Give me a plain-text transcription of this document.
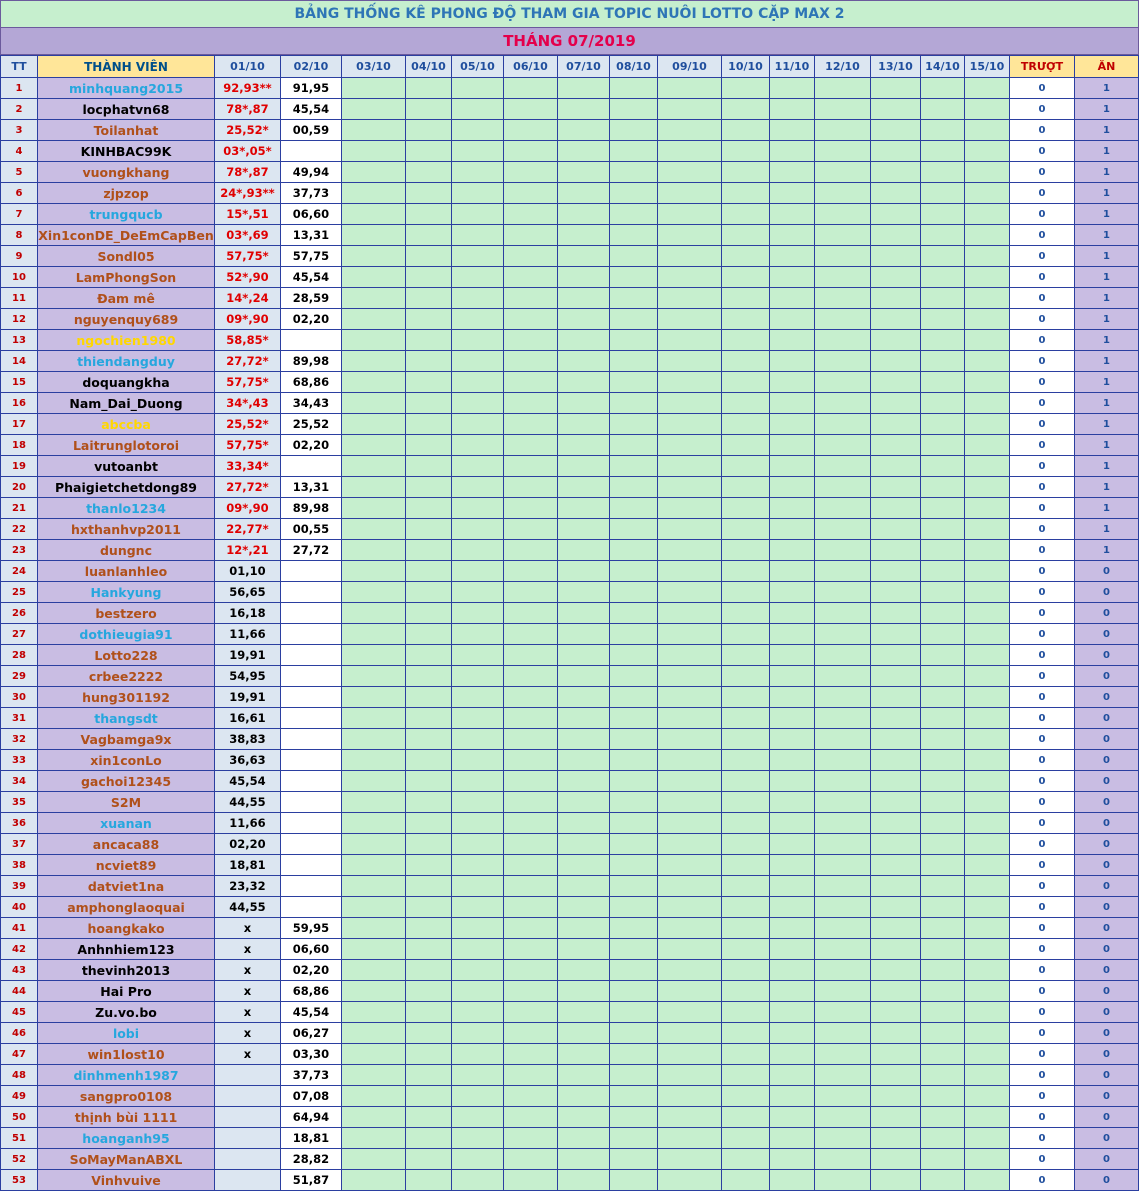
BẢNG THỐNG KÊ PHONG ĐỘ THAM GIA TOPIC NUÔI LOTTO CẶP MAX 2
THÁNG 07/2019
TT	THÀNH VIÊN	01/10	02/10	03/10	04/10	05/10	06/10	07/10	08/10	09/10	10/10	11/10	12/10	13/10	14/10	15/10	TRƯỢT	ĂN
1	minhquang2015	92,93**	91,95														0	1
2	locphatvn68	78*,87	45,54														0	1
3	Toilanhat	25,52*	00,59														0	1
4	KINHBAC99K	03*,05*															0	1
5	vuongkhang	78*,87	49,94														0	1
6	zjpzop	24*,93**	37,73														0	1
7	trungqucb	15*,51	06,60														0	1
8	Xin1conDE_DeEmCapBen	03*,69	13,31														0	1
9	Sondl05	57,75*	57,75														0	1
10	LamPhongSon	52*,90	45,54														0	1
11	Đam mê	14*,24	28,59														0	1
12	nguyenquy689	09*,90	02,20														0	1
13	ngochien1980	58,85*															0	1
14	thiendangduy	27,72*	89,98														0	1
15	doquangkha	57,75*	68,86														0	1
16	Nam_Dai_Duong	34*,43	34,43														0	1
17	abccba	25,52*	25,52														0	1
18	Laitrunglotoroi	57,75*	02,20														0	1
19	vutoanbt	33,34*															0	1
20	Phaigietchetdong89	27,72*	13,31														0	1
21	thanlo1234	09*,90	89,98														0	1
22	hxthanhvp2011	22,77*	00,55														0	1
23	dungnc	12*,21	27,72														0	1
24	luanlanhleo	01,10															0	0
25	Hankyung	56,65															0	0
26	bestzero	16,18															0	0
27	dothieugia91	11,66															0	0
28	Lotto228	19,91															0	0
29	crbee2222	54,95															0	0
30	hung301192	19,91															0	0
31	thangsdt	16,61															0	0
32	Vagbamga9x	38,83															0	0
33	xin1conLo	36,63															0	0
34	gachoi12345	45,54															0	0
35	S2M	44,55															0	0
36	xuanan	11,66															0	0
37	ancaca88	02,20															0	0
38	ncviet89	18,81															0	0
39	datviet1na	23,32															0	0
40	amphonglaoquai	44,55															0	0
41	hoangkako	x	59,95														0	0
42	Anhnhiem123	x	06,60														0	0
43	thevinh2013	x	02,20														0	0
44	Hai Pro	x	68,86														0	0
45	Zu.vo.bo	x	45,54														0	0
46	lobi	x	06,27														0	0
47	win1lost10	x	03,30														0	0
48	dinhmenh1987		37,73														0	0
49	sangpro0108		07,08														0	0
50	thịnh bùi 1111		64,94														0	0
51	hoanganh95		18,81														0	0
52	SoMayManABXL		28,82														0	0
53	Vinhvuive		51,87														0	0
